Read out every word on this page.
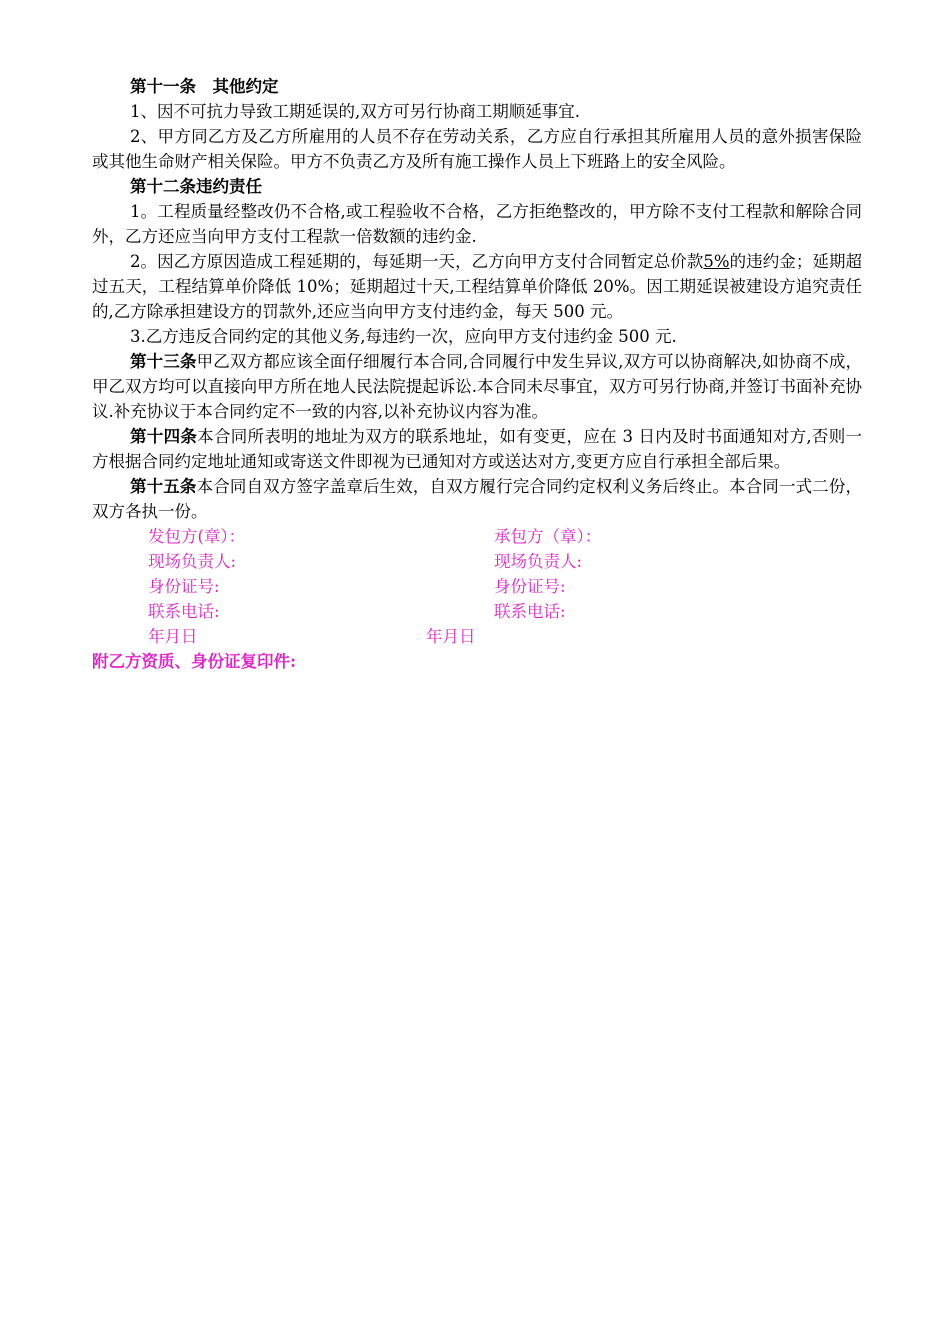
第十一条　其他约定

1、因不可抗力导致工期延误的,双方可另行协商工期顺延事宜.

2、甲方同乙方及乙方所雇用的人员不存在劳动关系，乙方应自行承担其所雇用人员的意外损害保险或其他生命财产相关保险。甲方不负责乙方及所有施工操作人员上下班路上的安全风险。

第十二条违约责任

1。工程质量经整改仍不合格,或工程验收不合格，乙方拒绝整改的，甲方除不支付工程款和解除合同外，乙方还应当向甲方支付工程款一倍数额的违约金.

2。因乙方原因造成工程延期的，每延期一天，乙方向甲方支付合同暂定总价款5%的违约金；延期超过五天，工程结算单价降低 10%；延期超过十天,工程结算单价降低 20%。因工期延误被建设方追究责任的,乙方除承担建设方的罚款外,还应当向甲方支付违约金，每天 500 元。

3.乙方违反合同约定的其他义务,每违约一次，应向甲方支付违约金 500 元.

第十三条甲乙双方都应该全面仔细履行本合同,合同履行中发生异议,双方可以协商解决,如协商不成，甲乙双方均可以直接向甲方所在地人民法院提起诉讼.本合同未尽事宜，双方可另行协商,并签订书面补充协议.补充协议于本合同约定不一致的内容,以补充协议内容为准。

第十四条本合同所表明的地址为双方的联系地址，如有变更，应在 3 日内及时书面通知对方,否则一方根据合同约定地址通知或寄送文件即视为已通知对方或送达对方,变更方应自行承担全部后果。

第十五条本合同自双方签字盖章后生效，自双方履行完合同约定权利义务后终止。本合同一式二份，双方各执一份。

发包方(章）：	承包方（章）：
现场负责人:	现场负责人:
身份证号:	身份证号:
联系电话:	联系电话:
年月日	年月日

附乙方资质、身份证复印件:
